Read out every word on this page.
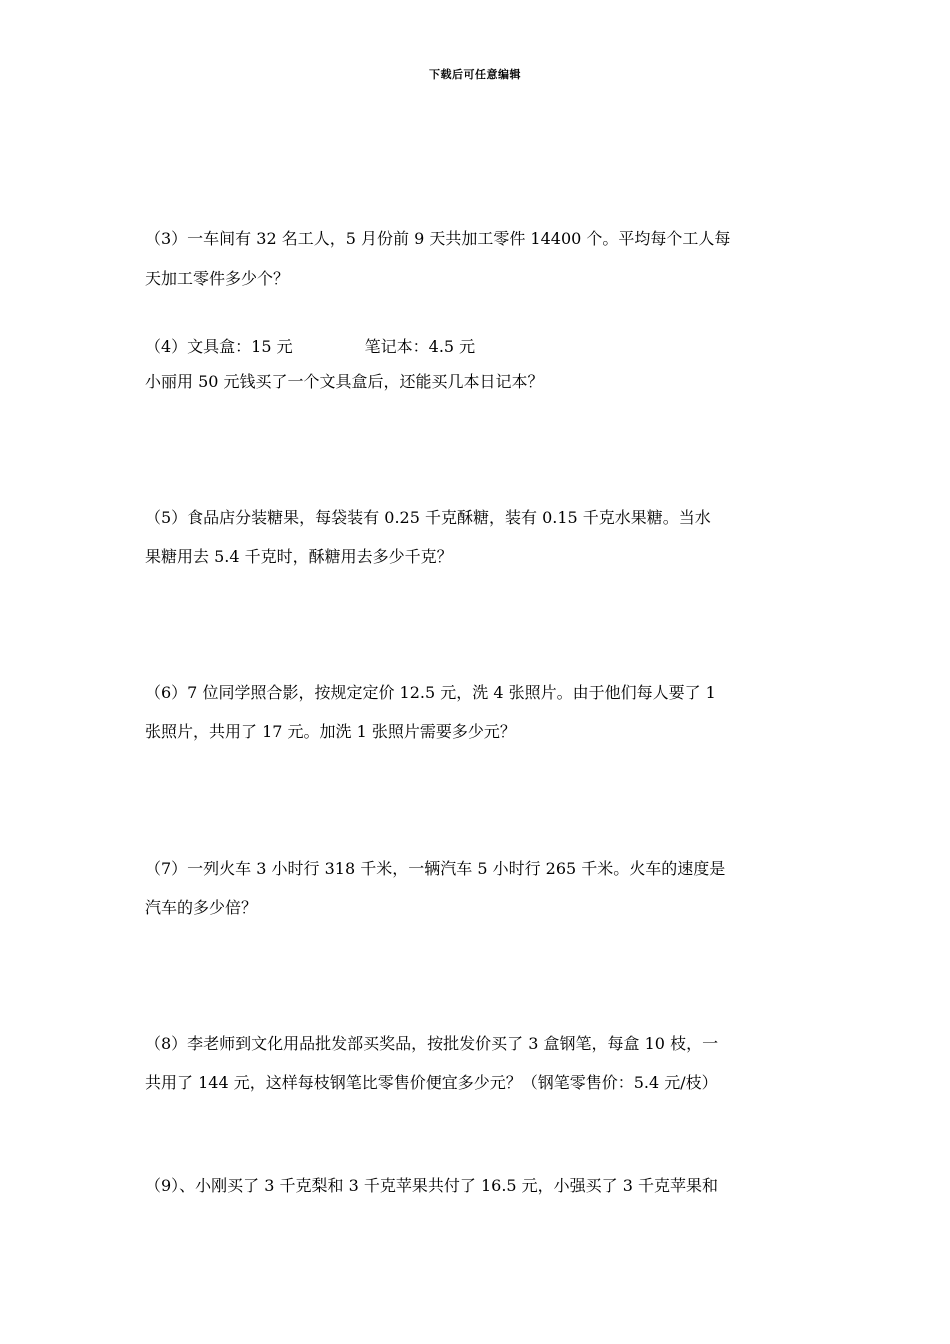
下载后可任意编辑
（3）一车间有 32 名工人，5 月份前 9 天共加工零件 14400 个。平均每个工人每
天加工零件多少个？
（4）文具盒：15 元	笔记本：4.5 元
小丽用 50 元钱买了一个文具盒后，还能买几本日记本？
（5）食品店分装糖果，每袋装有 0.25 千克酥糖，装有 0.15 千克水果糖。当水
果糖用去 5.4 千克时，酥糖用去多少千克？
（6）7 位同学照合影，按规定定价 12.5 元，洗 4 张照片。由于他们每人要了 1
张照片，共用了 17 元。加洗 1 张照片需要多少元？
（7）一列火车 3 小时行 318 千米，一辆汽车 5 小时行 265 千米。火车的速度是
汽车的多少倍？
（8）李老师到文化用品批发部买奖品，按批发价买了 3 盒钢笔，每盒 10 枝，一
共用了 144 元，这样每枝钢笔比零售价便宜多少元？（钢笔零售价：5.4 元/枝）
（9）、小刚买了 3 千克梨和 3 千克苹果共付了 16.5 元，小强买了 3 千克苹果和
